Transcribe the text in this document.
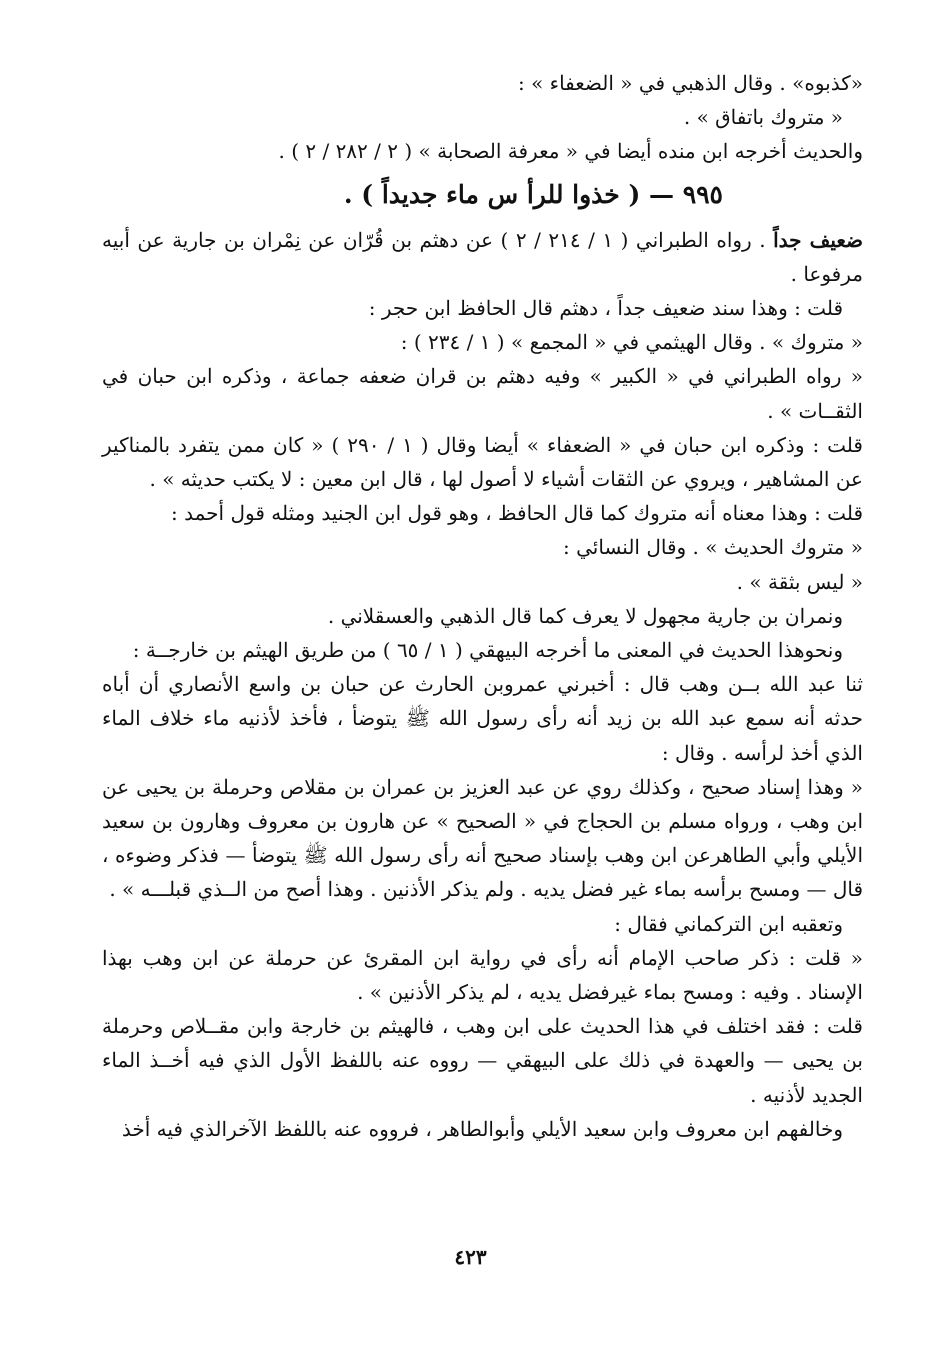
«كذبوه» . وقال الذهبي في « الضعفاء » :

« متروك باتفاق » .

والحديث أخرجه ابن منده أيضا في « معرفة الصحابة » ( ٢ / ٢٨٢ / ٢ ) .

٩٩٥ — ( خذوا للرأ س ماء جديداً ) .

ضعيف جداً . رواه الطبراني ( ١ / ٢١٤ / ٢ ) عن دهثم بن قُرّان عن نِمْران بن جارية عن أبيه مرفوعا .

قلت : وهذا سند ضعيف جداً ، دهثم قال الحافظ ابن حجر :

« متروك » . وقال الهيثمي في « المجمع » ( ١ / ٢٣٤ ) :

« رواه الطبراني في « الكبير » وفيه دهثم بن قران ضعفه جماعة ، وذكره ابن حبان في الثقــات » .

قلت : وذكره ابن حبان في « الضعفاء » أيضا وقال ( ١ / ٢٩٠ ) « كان ممن يتفرد بالمناكير عن المشاهير ، ويروي عن الثقات أشياء لا أصول لها ، قال ابن معين : لا يكتب حديثه » .

قلت : وهذا معناه أنه متروك كما قال الحافظ ، وهو قول ابن الجنيد ومثله قول أحمد :

« متروك الحديث » . وقال النسائي :

« ليس بثقة » .

ونمران بن جارية مجهول لا يعرف كما قال الذهبي والعسقلاني .

ونحوهذا الحديث في المعنى ما أخرجه البيهقي ( ١ / ٦٥ ) من طريق الهيثم بن خارجــة :

ثنا عبد الله بــن وهب قال : أخبرني عمروبن الحارث عن حبان بن واسع الأنصاري أن أباه حدثه أنه سمع عبد الله بن زيد أنه رأى رسول الله ﷺ يتوضأ ، فأخذ لأذنيه ماء خلاف الماء الذي أخذ لرأسه . وقال :

« وهذا إسناد صحيح ، وكذلك روي عن عبد العزيز بن عمران بن مقلاص وحرملة بن يحيى عن ابن وهب ، ورواه مسلم بن الحجاج في « الصحيح » عن هارون بن معروف وهارون بن سعيد الأيلي وأبي الطاهرعن ابن وهب بإسناد صحيح أنه رأى رسول الله ﷺ يتوضأ — فذكر وضوءه ، قال — ومسح برأسه بماء غير فضل يديه . ولم يذكر الأذنين . وهذا أصح من الــذي قبلـــه » .

وتعقبه ابن التركماني فقال :

« قلت : ذكر صاحب الإمام أنه رأى في رواية ابن المقرئ عن حرملة عن ابن وهب بهذا الإسناد . وفيه : ومسح بماء غيرفضل يديه ، لم يذكر الأذنين » .

قلت : فقد اختلف في هذا الحديث على ابن وهب ، فالهيثم بن خارجة وابن مقــلاص وحرملة بن يحيى — والعهدة في ذلك على البيهقي — رووه عنه باللفظ الأول الذي فيه أخــذ الماء الجديد لأذنيه .

وخالفهم ابن معروف وابن سعيد الأيلي وأبوالطاهر ، فرووه عنه باللفظ الآخرالذي فيه أخذ

٤٢٣
